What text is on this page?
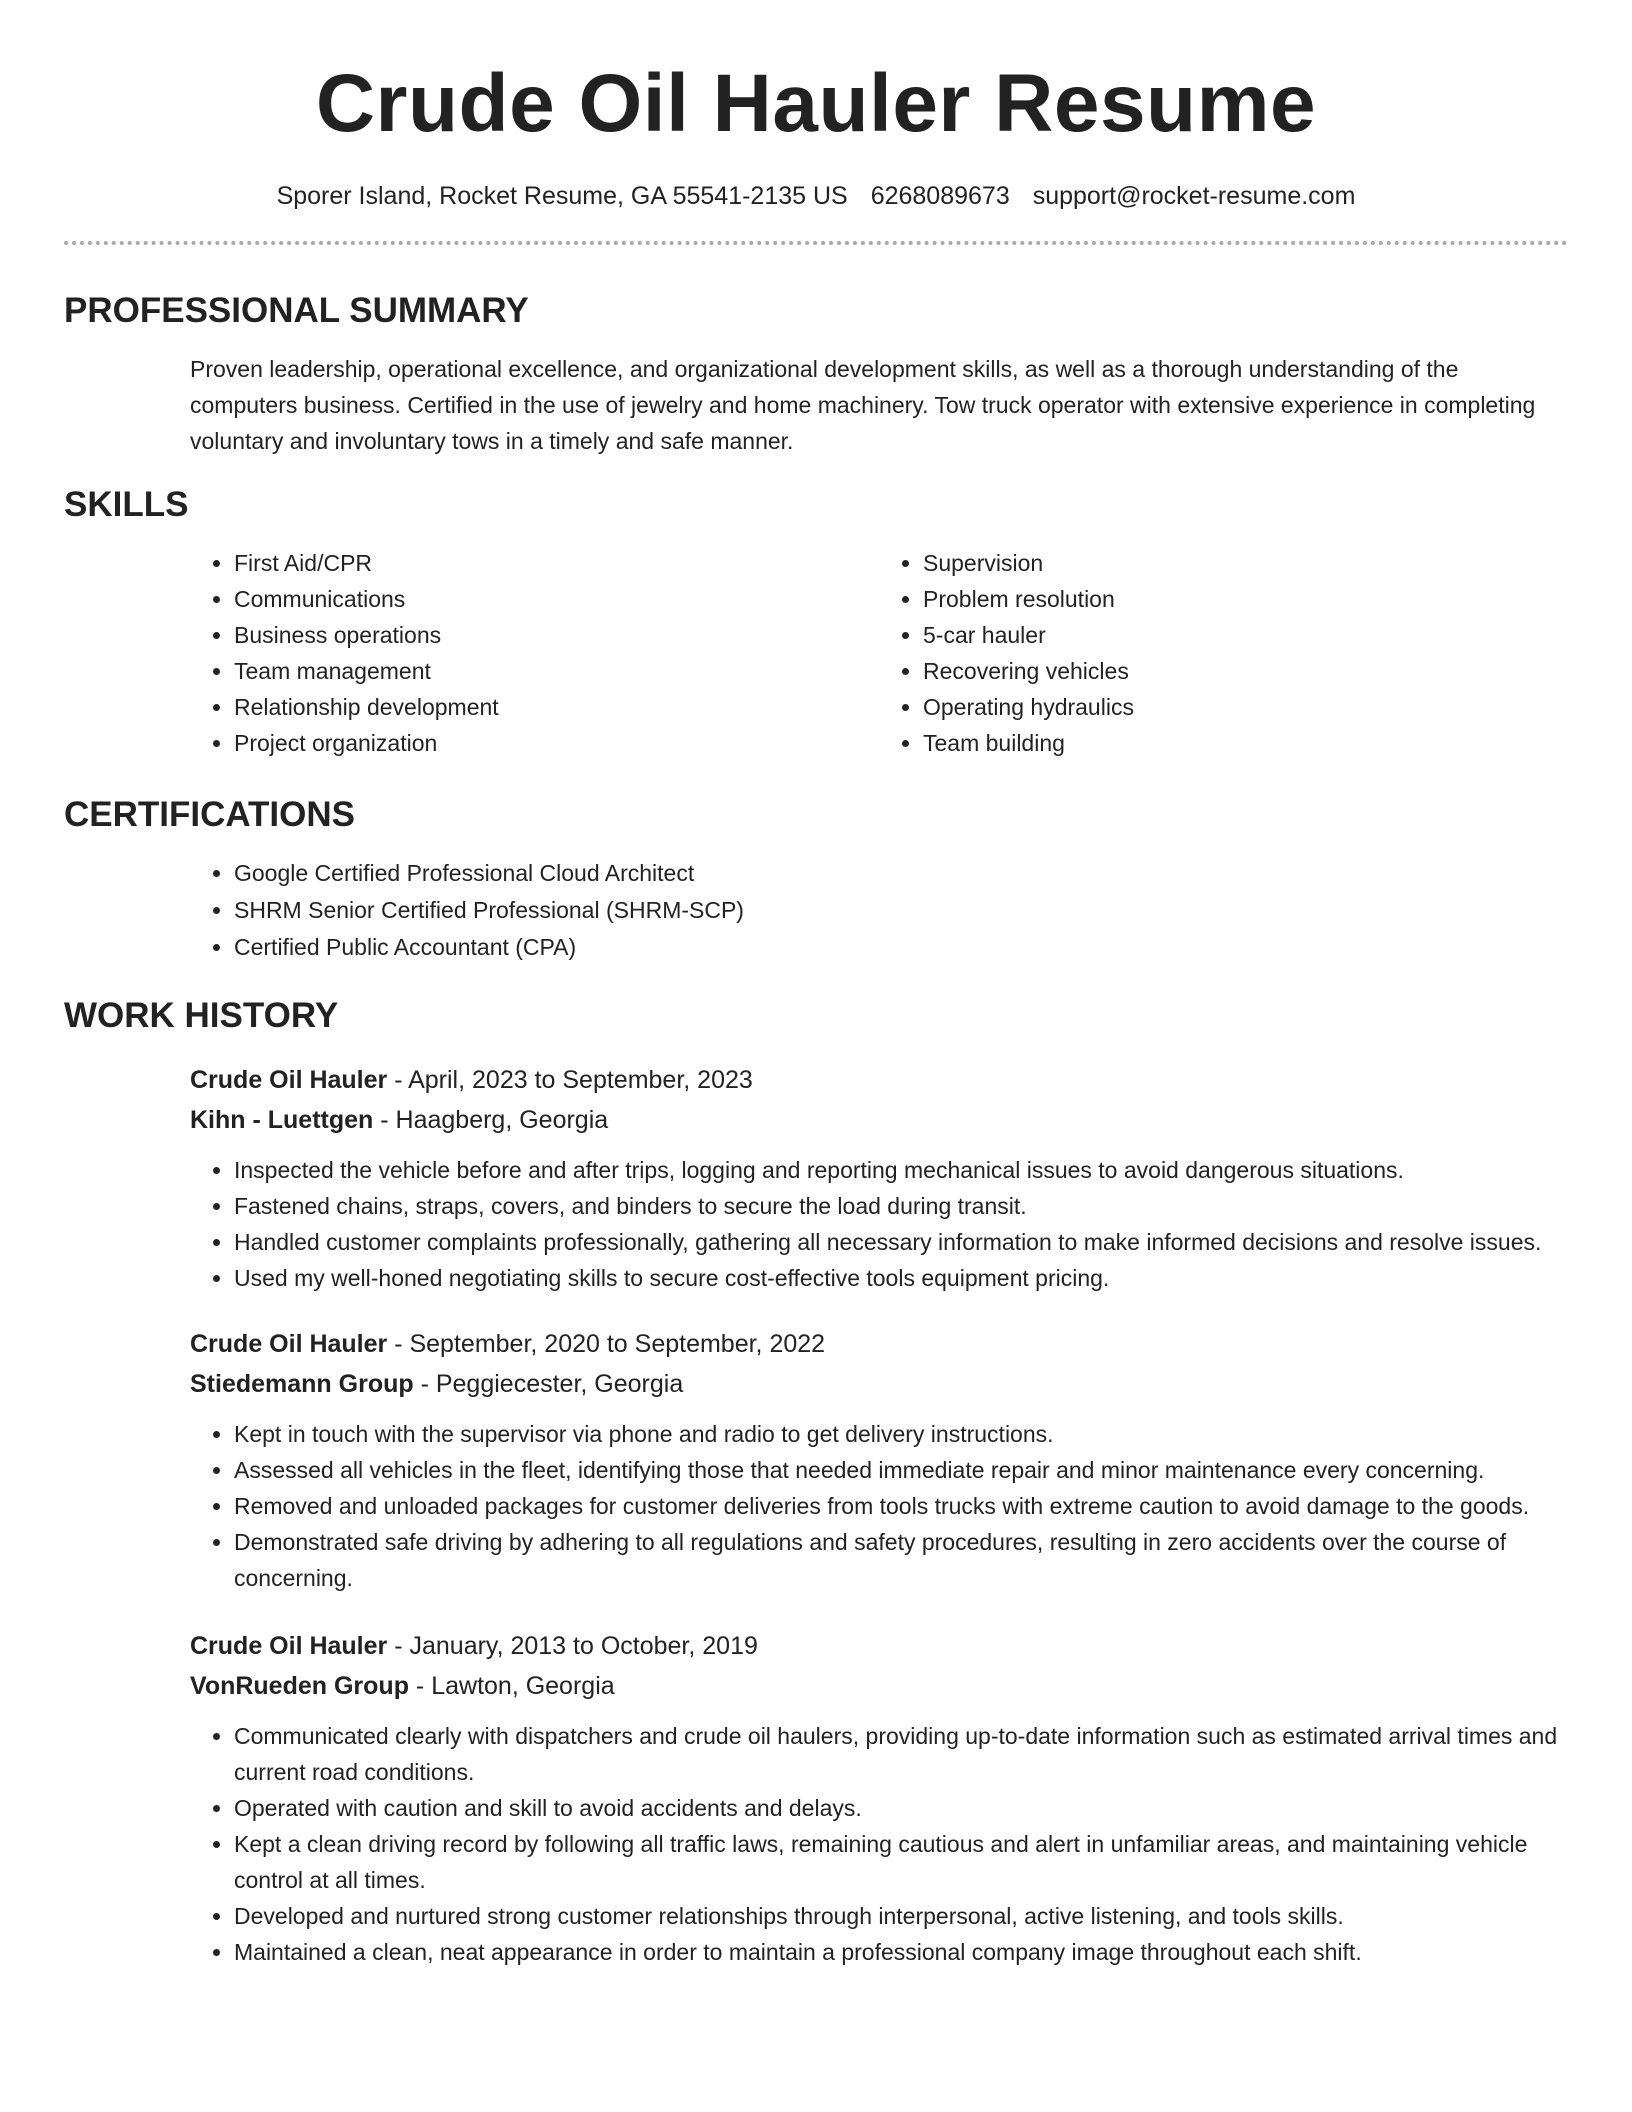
Crude Oil Hauler Resume
Sporer Island, Rocket Resume, GA 55541-2135 US 6268089673 support@rocket-resume.com
PROFESSIONAL SUMMARY

Proven leadership, operational excellence, and organizational development skills, as well as a thorough understanding of the computers business. Certified in the use of jewelry and home machinery. Tow truck operator with extensive experience in completing voluntary and involuntary tows in a timely and safe manner.

SKILLS
• First Aid/CPR
• Communications
• Business operations
• Team management
• Relationship development
• Project organization
• Supervision
• Problem resolution
• 5-car hauler
• Recovering vehicles
• Operating hydraulics
• Team building
CERTIFICATIONS
• Google Certified Professional Cloud Architect
• SHRM Senior Certified Professional (SHRM-SCP)
• Certified Public Accountant (CPA)
WORK HISTORY
Crude Oil Hauler - April, 2023 to September, 2023
Kihn - Luettgen - Haagberg, Georgia
• Inspected the vehicle before and after trips, logging and reporting mechanical issues to avoid dangerous situations.
• Fastened chains, straps, covers, and binders to secure the load during transit.
• Handled customer complaints professionally, gathering all necessary information to make informed decisions and resolve issues.
• Used my well-honed negotiating skills to secure cost-effective tools equipment pricing.
Crude Oil Hauler - September, 2020 to September, 2022
Stiedemann Group - Peggiecester, Georgia
• Kept in touch with the supervisor via phone and radio to get delivery instructions.
• Assessed all vehicles in the fleet, identifying those that needed immediate repair and minor maintenance every concerning.
• Removed and unloaded packages for customer deliveries from tools trucks with extreme caution to avoid damage to the goods.
• Demonstrated safe driving by adhering to all regulations and safety procedures, resulting in zero accidents over the course of concerning.
Crude Oil Hauler - January, 2013 to October, 2019
VonRueden Group - Lawton, Georgia
• Communicated clearly with dispatchers and crude oil haulers, providing up-to-date information such as estimated arrival times and current road conditions.
• Operated with caution and skill to avoid accidents and delays.
• Kept a clean driving record by following all traffic laws, remaining cautious and alert in unfamiliar areas, and maintaining vehicle control at all times.
• Developed and nurtured strong customer relationships through interpersonal, active listening, and tools skills.
• Maintained a clean, neat appearance in order to maintain a professional company image throughout each shift.
